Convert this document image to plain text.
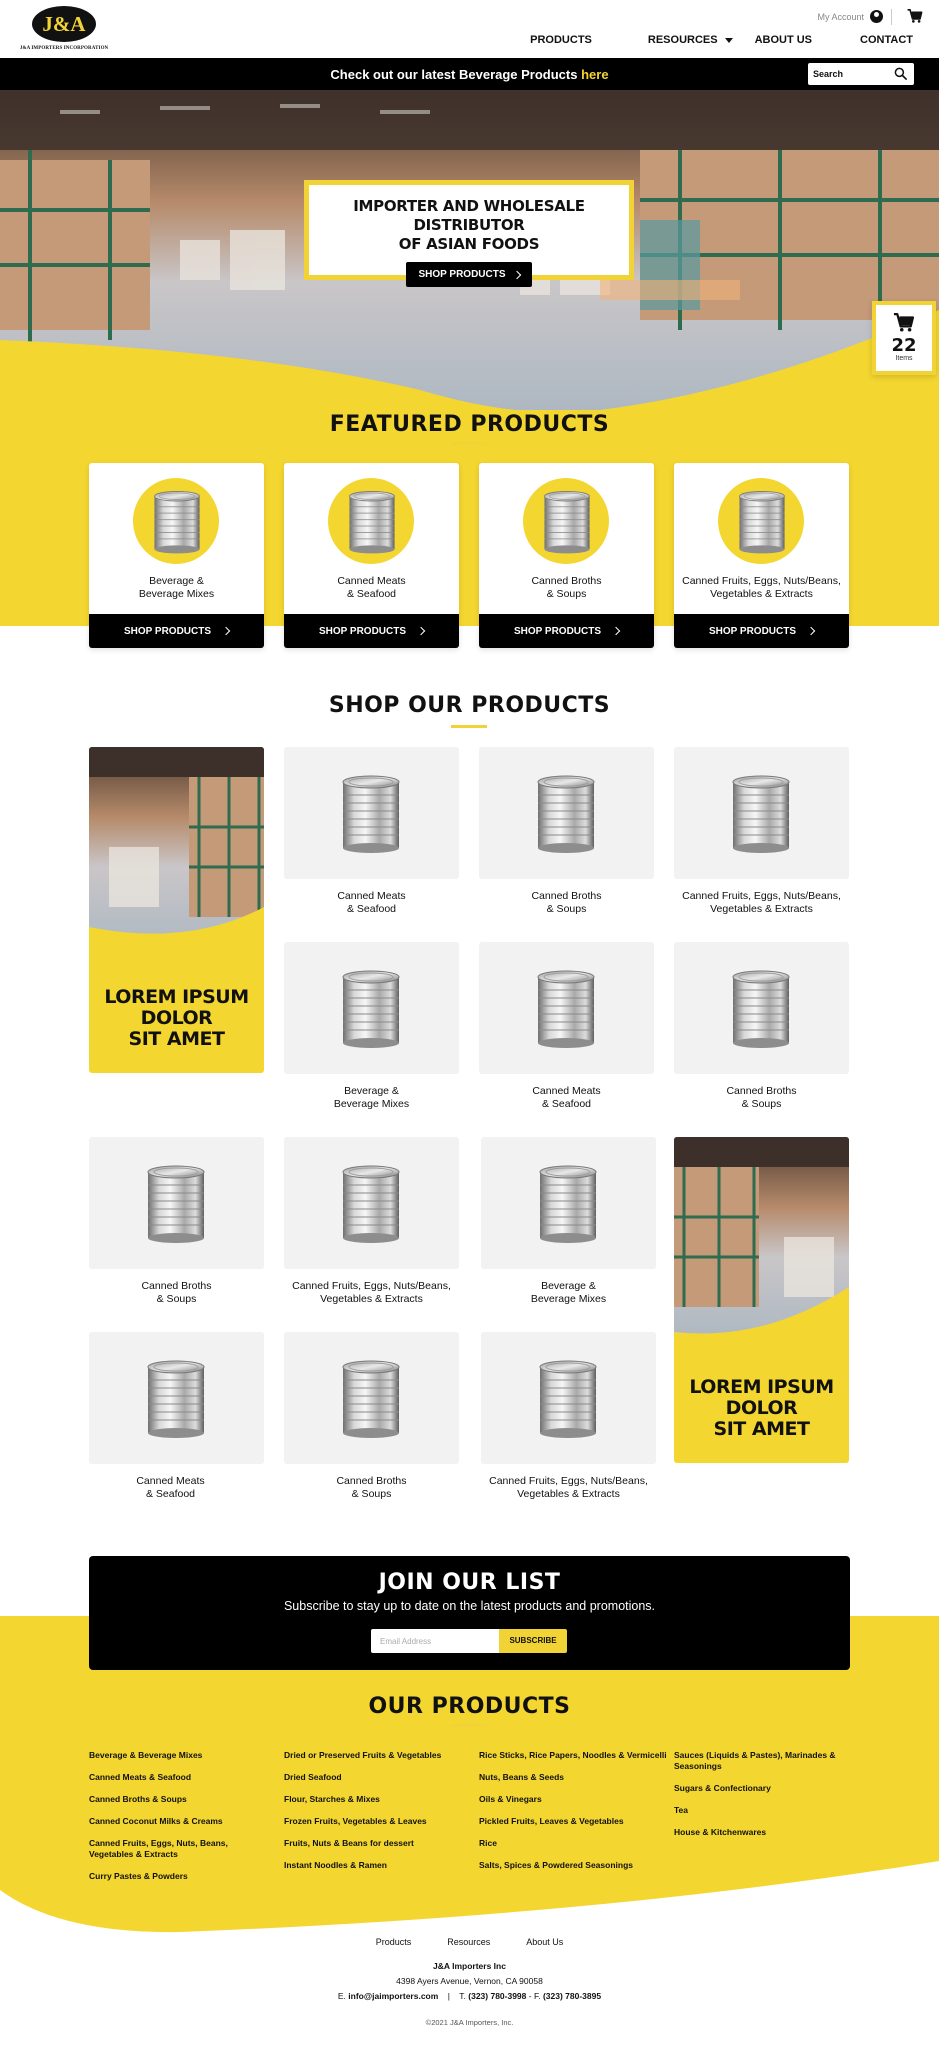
J&A
J&A IMPORTERS INCORPORATION
My Account
PRODUCTS	RESOURCES	ABOUT US	CONTACT
Check out our latest Beverage Products here
Search
IMPORTER AND WHOLESALE DISTRIBUTOR
OF ASIAN FOODS
SHOP PRODUCTS
22
Items
FEATURED PRODUCTS
Beverage &
Beverage Mixes
SHOP PRODUCTS
Canned Meats
& Seafood
SHOP PRODUCTS
Canned Broths
& Soups
SHOP PRODUCTS
Canned Fruits, Eggs, Nuts/Beans,
Vegetables & Extracts
SHOP PRODUCTS
SHOP OUR PRODUCTS
LOREM IPSUM
DOLOR
SIT AMET
Canned Meats
& Seafood
Canned Broths
& Soups
Canned Fruits, Eggs, Nuts/Beans,
Vegetables & Extracts
Beverage &
Beverage Mixes
Canned Meats
& Seafood
Canned Broths
& Soups
Canned Broths
& Soups
Canned Fruits, Eggs, Nuts/Beans,
Vegetables & Extracts
Beverage &
Beverage Mixes
LOREM IPSUM
DOLOR
SIT AMET
Canned Meats
& Seafood
Canned Broths
& Soups
Canned Fruits, Eggs, Nuts/Beans,
Vegetables & Extracts
JOIN OUR LIST
Subscribe to stay up to date on the latest products and promotions.
Email Address
SUBSCRIBE
OUR PRODUCTS
Beverage & Beverage Mixes
Canned Meats & Seafood
Canned Broths & Soups
Canned Coconut Milks & Creams
Canned Fruits, Eggs, Nuts, Beans, Vegetables & Extracts
Curry Pastes & Powders
Dried or Preserved Fruits & Vegetables
Dried Seafood
Flour, Starches & Mixes
Frozen Fruits, Vegetables & Leaves
Fruits, Nuts & Beans for dessert
Instant Noodles & Ramen
Rice Sticks, Rice Papers, Noodles & Vermicelli
Nuts, Beans & Seeds
Oils & Vinegars
Pickled Fruits, Leaves & Vegetables
Rice
Salts, Spices & Powdered Seasonings
Sauces (Liquids & Pastes), Marinades & Seasonings
Sugars & Confectionary
Tea
House & Kitchenwares
Products	Resources	About Us
J&A Importers Inc
4398 Ayers Avenue, Vernon, CA 90058
E. info@jaimporters.com | T. (323) 780-3998 - F. (323) 780-3895
©2021 J&A Importers, Inc.
